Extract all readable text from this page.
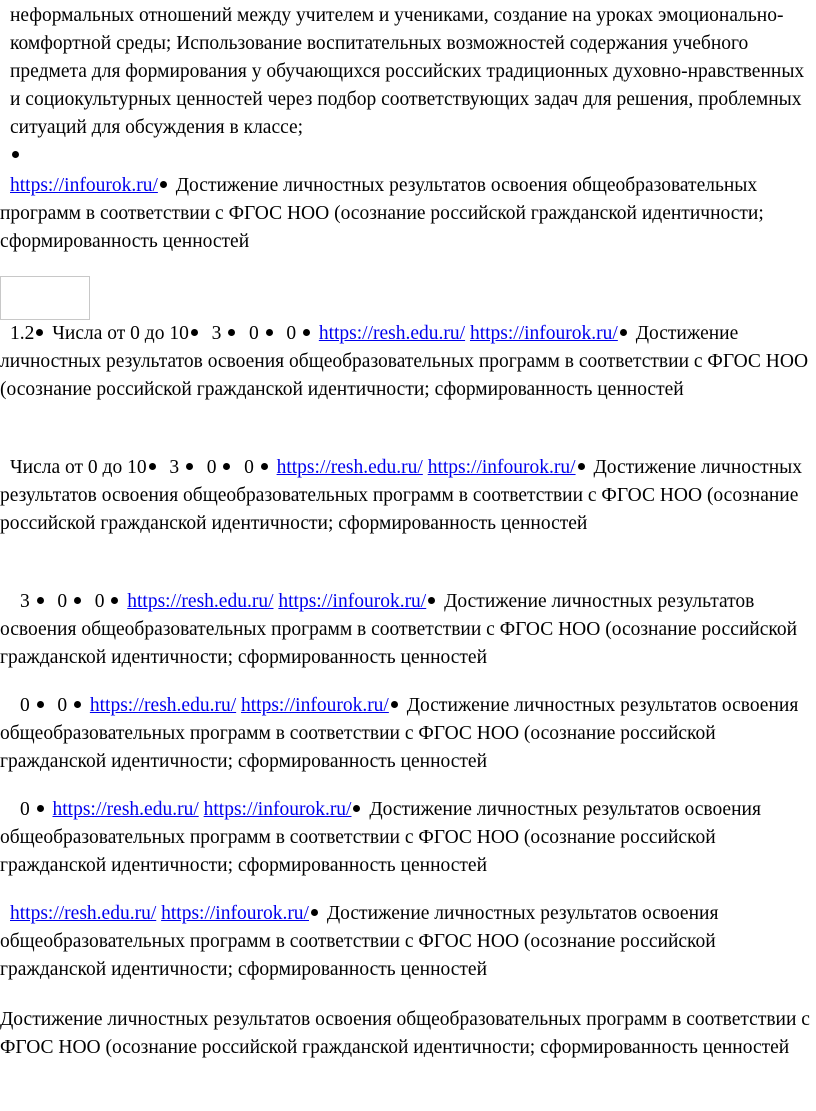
неформальных отношений между учителем и учениками, создание на уроках эмоционально-комфортной среды; Использование воспитательных возможностей содержания учебного предмета для формирования у обучающихся российских традиционных духовно-нравственных и социокультурных ценностей через подбор соответствующих задач для решения, проблемных ситуаций для обсуждения в классе;

https://infourok.ru/ Достижение личностных результатов освоения общеобразовательных программ в соответствии с ФГОС НОО (осознание российской гражданской идентичности; сформированность ценностей

1.2 Числа от 0 до 10 3 0 0 https://resh.edu.ru/ https://infourok.ru/ Достижение личностных результатов освоения общеобразовательных программ в соответствии с ФГОС НОО (осознание российской гражданской идентичности; сформированность ценностей

Числа от 0 до 10 3 0 0 https://resh.edu.ru/ https://infourok.ru/ Достижение личностных результатов освоения общеобразовательных программ в соответствии с ФГОС НОО (осознание российской гражданской идентичности; сформированность ценностей

3 0 0 https://resh.edu.ru/ https://infourok.ru/ Достижение личностных результатов освоения общеобразовательных программ в соответствии с ФГОС НОО (осознание российской гражданской идентичности; сформированность ценностей

0 0 https://resh.edu.ru/ https://infourok.ru/ Достижение личностных результатов освоения общеобразовательных программ в соответствии с ФГОС НОО (осознание российской гражданской идентичности; сформированность ценностей

0 https://resh.edu.ru/ https://infourok.ru/ Достижение личностных результатов освоения общеобразовательных программ в соответствии с ФГОС НОО (осознание российской гражданской идентичности; сформированность ценностей

https://resh.edu.ru/ https://infourok.ru/ Достижение личностных результатов освоения общеобразовательных программ в соответствии с ФГОС НОО (осознание российской гражданской идентичности; сформированность ценностей

Достижение личностных результатов освоения общеобразовательных программ в соответствии с ФГОС НОО (осознание российской гражданской идентичности; сформированность ценностей
